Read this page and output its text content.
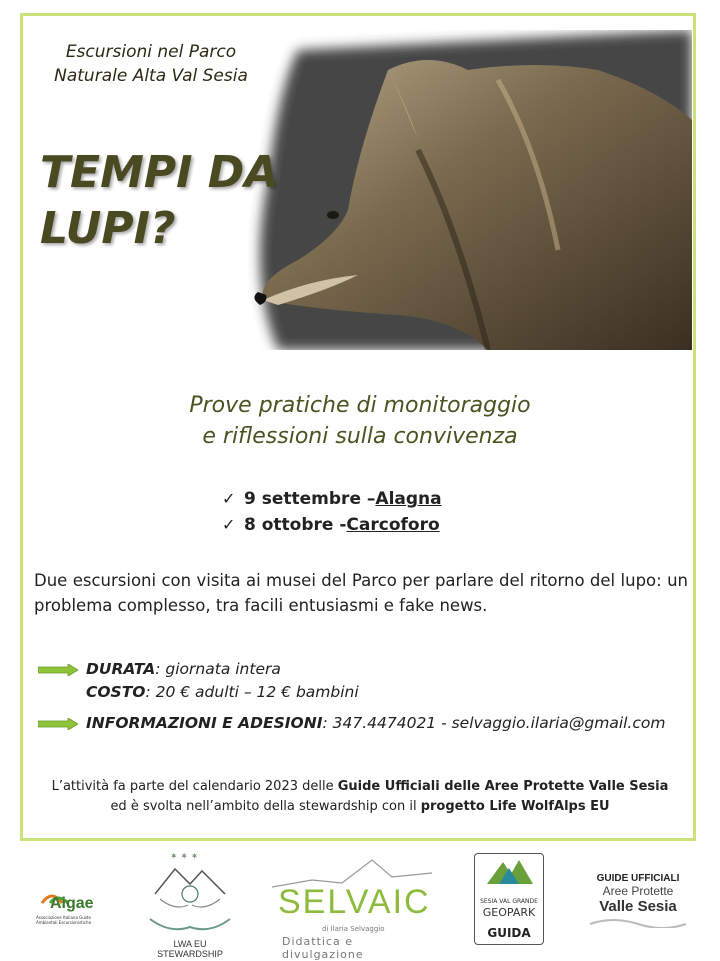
Escursioni nel Parco
Naturale Alta Val Sesia
TEMPI DA
LUPI?
Prove pratiche di monitoraggio
e riflessioni sulla convivenza
✓ 9 settembre – Alagna
✓ 8 ottobre - Carcoforo
Due escursioni con visita ai musei del Parco per parlare del ritorno del lupo: un problema complesso, tra facili entusiasmi e fake news.
DURATA: giornata intera
COSTO: 20 € adulti – 12 € bambini
INFORMAZIONI E ADESIONI: 347.4474021 - selvaggio.ilaria@gmail.com
L’attività fa parte del calendario 2023 delle Guide Ufficiali delle Aree Protette Valle Sesia
ed è svolta nell’ambito della stewardship con il progetto Life WolfAlps EU
Aigae
Associazione Italiana Guide Ambientali Escursionistiche
✶ ✶ ✶
LWA EU STEWARDSHIP
SELVAIC
di Ilaria Selvaggio
Didattica e divulgazione
SESIA VAL GRANDE
GEOPARK
GUIDA
GUIDE UFFICIALI
Aree Protette
Valle Sesia
